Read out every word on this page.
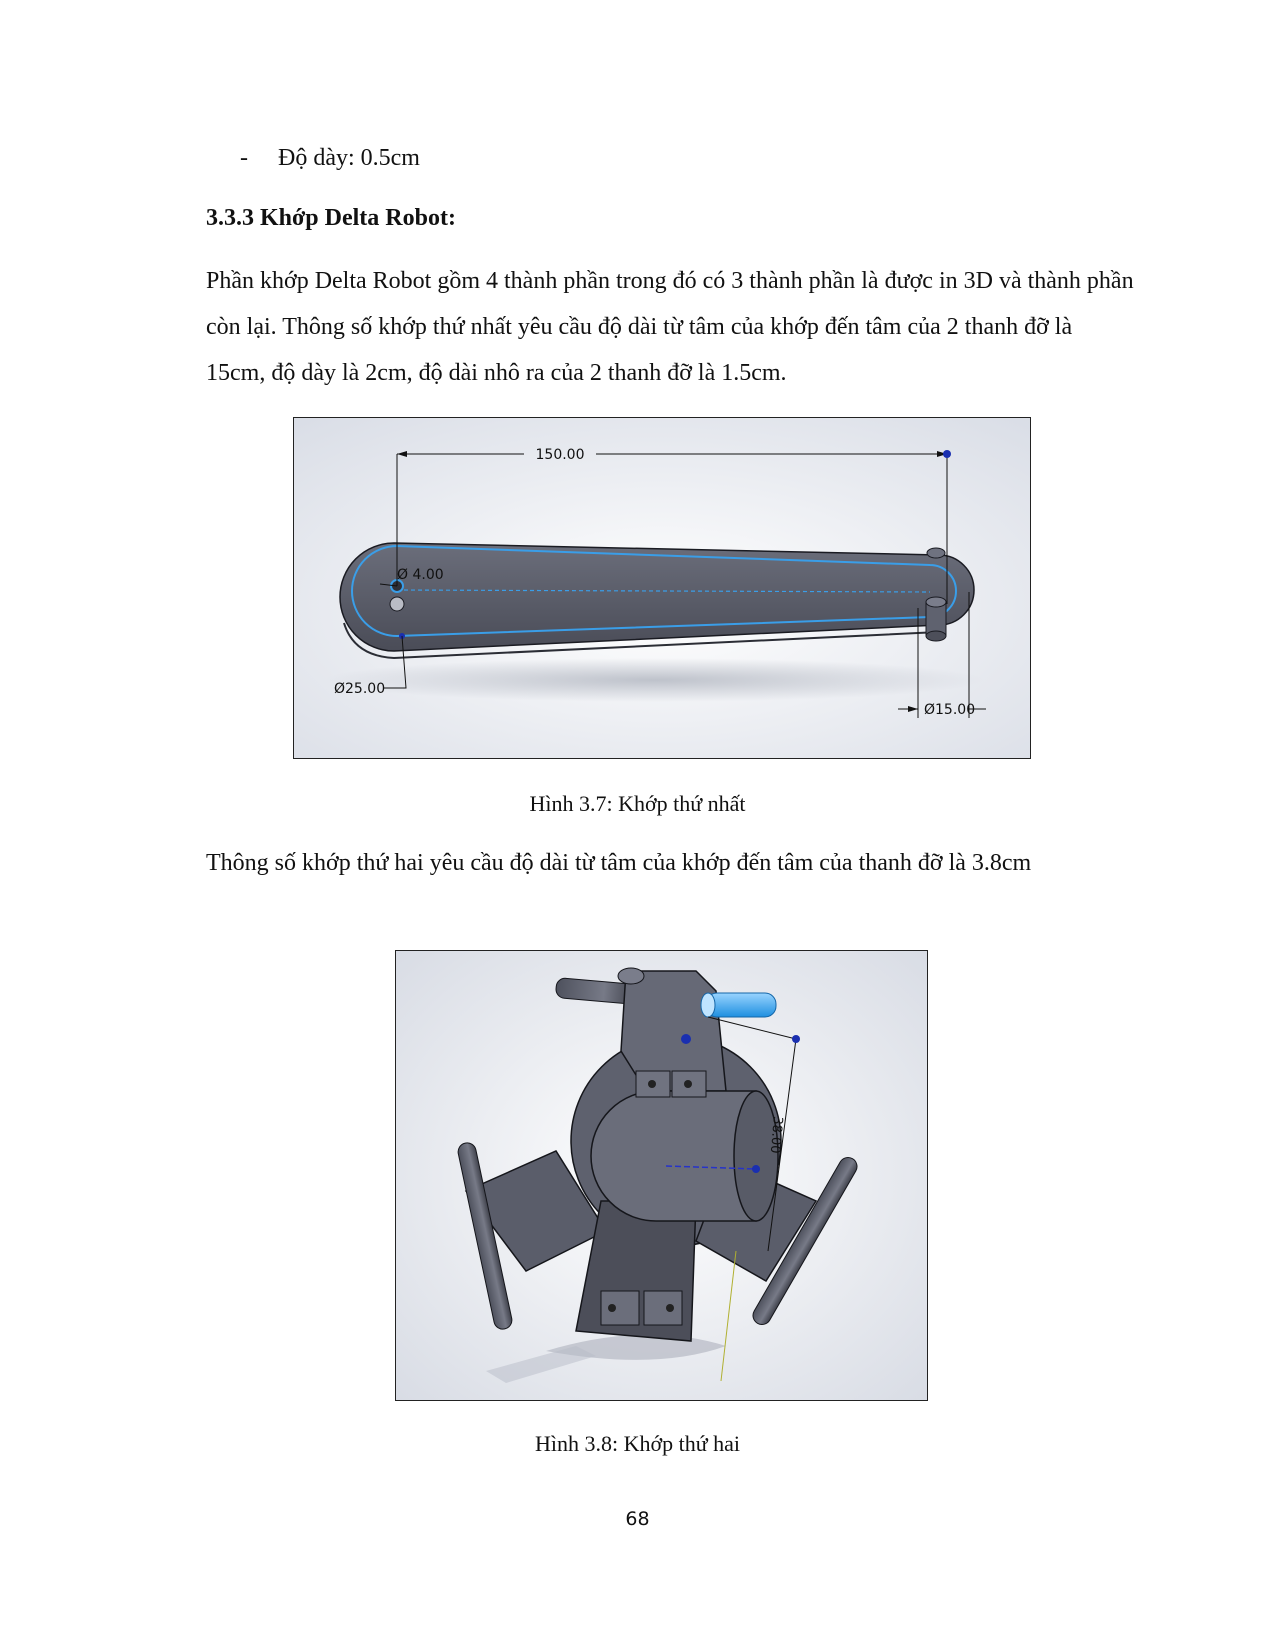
- Độ dày: 0.5cm
3.3.3 Khớp Delta Robot:
Phần khớp Delta Robot gồm 4 thành phần trong đó có 3 thành phần là được in 3D và thành phần còn lại. Thông số khớp thứ nhất yêu cầu độ dài từ tâm của khớp đến tâm của 2 thanh đỡ là 15cm, độ dày là 2cm, độ dài nhô ra của 2 thanh đỡ là 1.5cm.
150.00
Ø 4.00
Ø25.00
Ø15.00
Hình 3.7: Khớp thứ nhất
Thông số khớp thứ hai yêu cầu độ dài từ tâm của khớp đến tâm của thanh đỡ là 3.8cm
38.00
Hình 3.8: Khớp thứ hai
68
